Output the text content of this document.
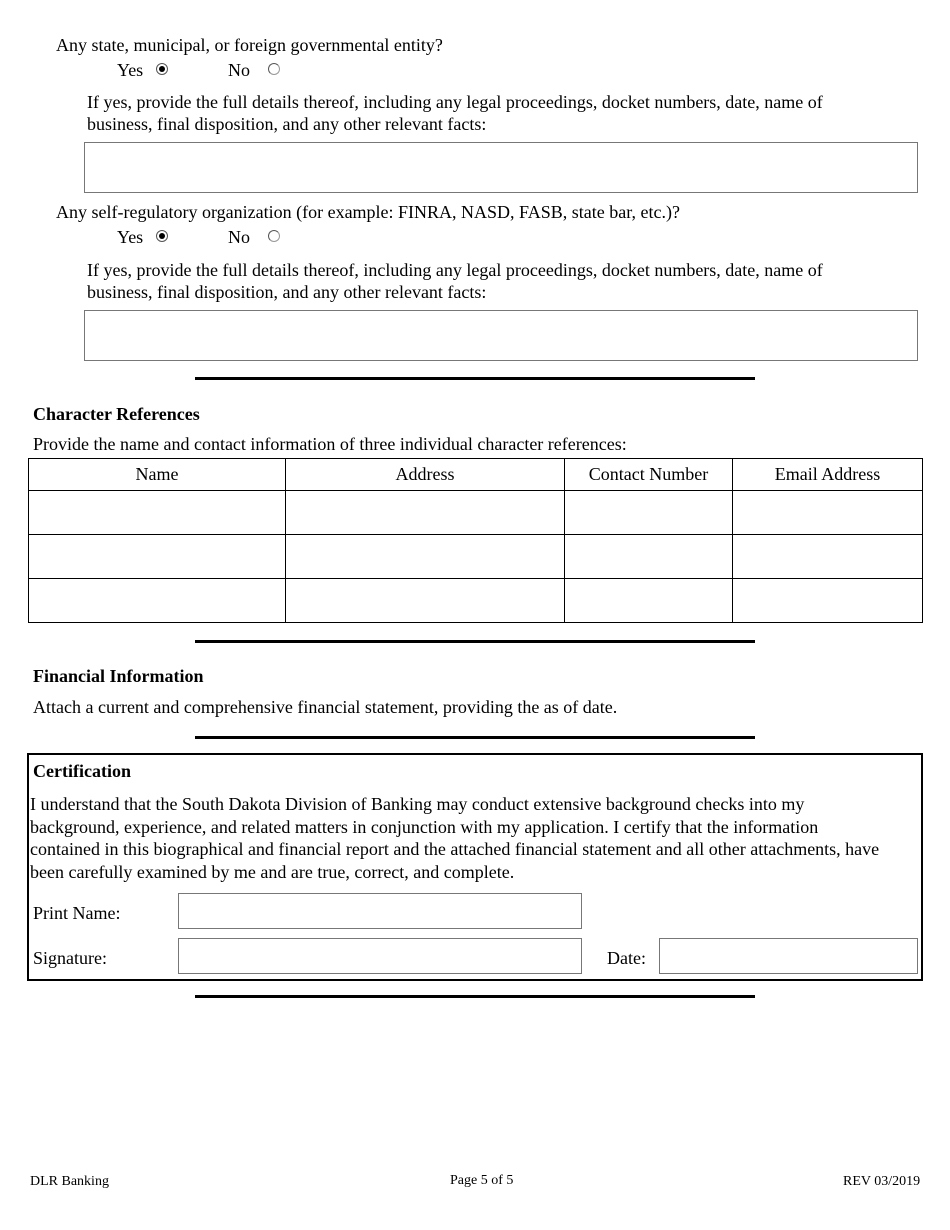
Any state, municipal, or foreign governmental entity?
Yes	No
If yes, provide the full details thereof, including any legal proceedings, docket numbers, date, name of
business, final disposition, and any other relevant facts:
Any self-regulatory organization (for example: FINRA, NASD, FASB, state bar, etc.)?
Yes	No
If yes, provide the full details thereof, including any legal proceedings, docket numbers, date, name of
business, final disposition, and any other relevant facts:
Character References
Provide the name and contact information of three individual character references:
Name	Address	Contact Number	Email Address

Financial Information
Attach a current and comprehensive financial statement, providing the as of date.
Certification
I understand that the South Dakota Division of Banking may conduct extensive background checks into my
background, experience, and related matters in conjunction with my application. I certify that the information
contained in this biographical and financial report and the attached financial statement and all other attachments, have
been carefully examined by me and are true, correct, and complete.
Print Name:
Signature:	Date:
DLR Banking	Page 5 of 5	REV 03/2019
